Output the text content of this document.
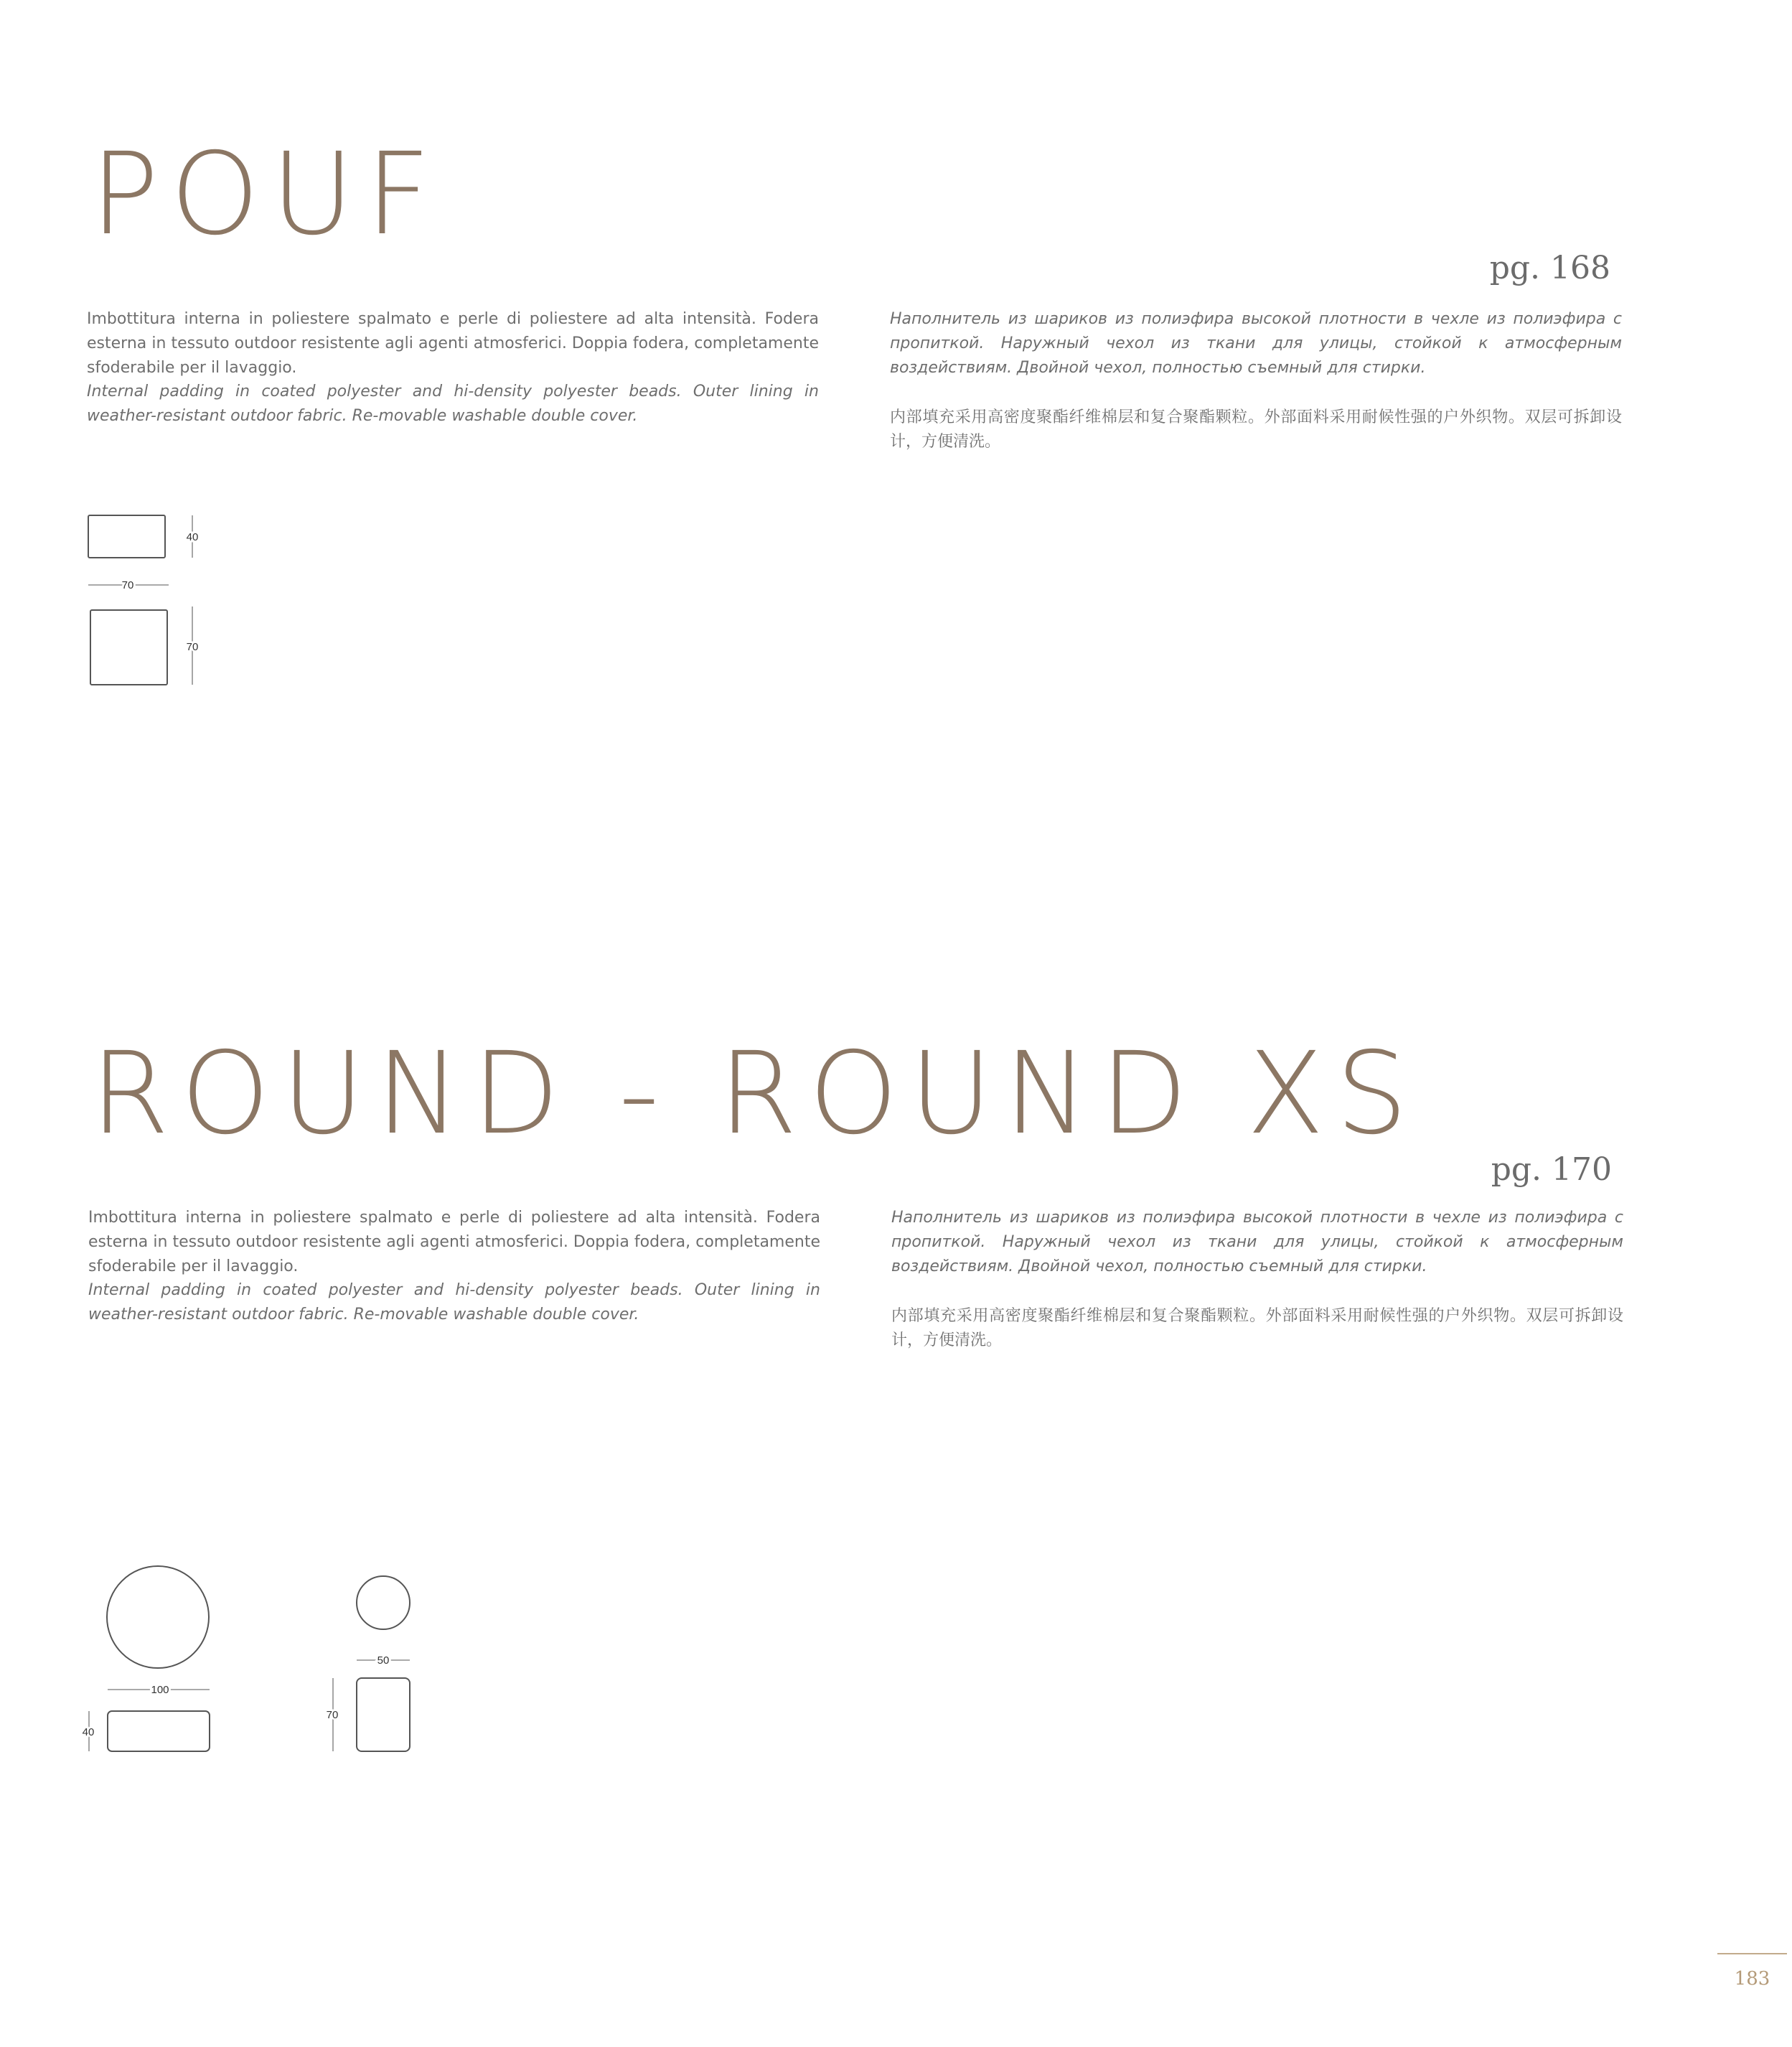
POUF
pg. 168

Imbottitura interna in poliestere spalmato e perle di poliestere ad alta intensità. Fodera esterna in tessuto outdoor resistente agli agenti atmosferici. Doppia fodera, completamente sfoderabile per il lavaggio.

Internal padding in coated polyester and hi-density polyester beads. Outer lining in weather-resistant outdoor fabric. Re-movable washable double cover.

Наполнитель из шариков из полиэфира высокой плотности в чехле из полиэфира с пропиткой. Наружный чехол из ткани для улицы, стойкой к атмосферным воздействиям. Двойной чехол, полностью съемный для стирки.

内部填充采用高密度聚酯纤维棉层和复合聚酯颗粒。外部面料采用耐候性强的户外织物。双层可拆卸设计，方便清洗。

40
70
70
ROUND - ROUND XS
pg. 170

Imbottitura interna in poliestere spalmato e perle di poliestere ad alta intensità. Fodera esterna in tessuto outdoor resistente agli agenti atmosferici. Doppia fodera, completamente sfoderabile per il lavaggio.

Internal padding in coated polyester and hi-density polyester beads. Outer lining in weather-resistant outdoor fabric. Re-movable washable double cover.

Наполнитель из шариков из полиэфира высокой плотности в чехле из полиэфира с пропиткой. Наружный чехол из ткани для улицы, стойкой к атмосферным воздействиям. Двойной чехол, полностью съемный для стирки.

内部填充采用高密度聚酯纤维棉层和复合聚酯颗粒。外部面料采用耐候性强的户外织物。双层可拆卸设计，方便清洗。

100
40
50
70
183
